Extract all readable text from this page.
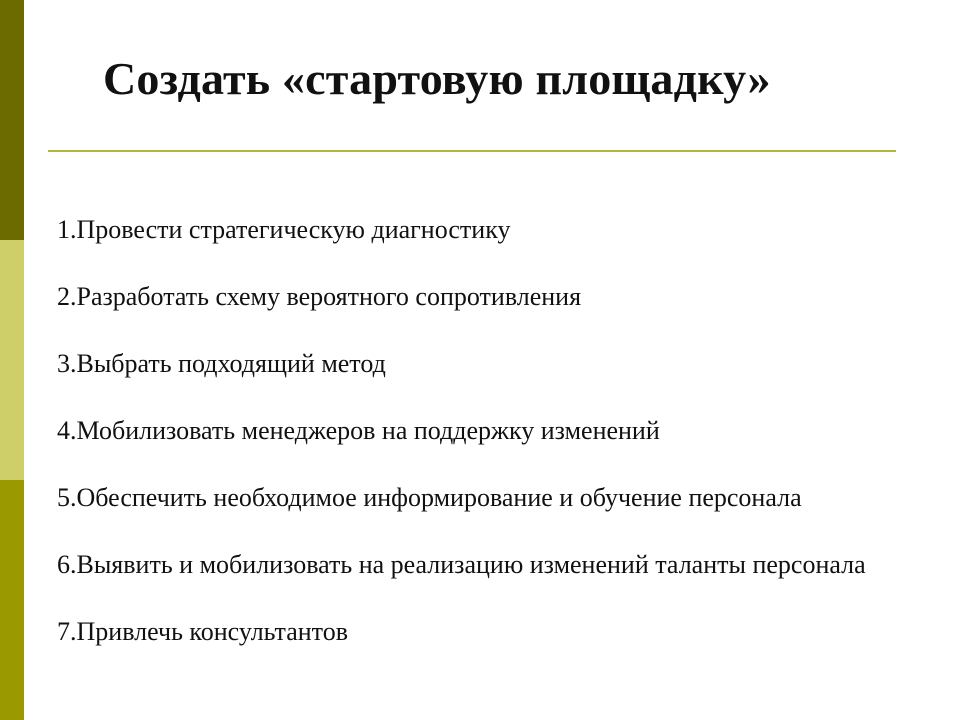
Создать «стартовую площадку»
1.Провести стратегическую диагностику
2.Разработать схему вероятного сопротивления
3.Выбрать подходящий метод
4.Мобилизовать менеджеров на поддержку изменений
5.Обеспечить необходимое информирование и обучение персонала
6.Выявить и мобилизовать на реализацию изменений таланты персонала
7.Привлечь консультантов
